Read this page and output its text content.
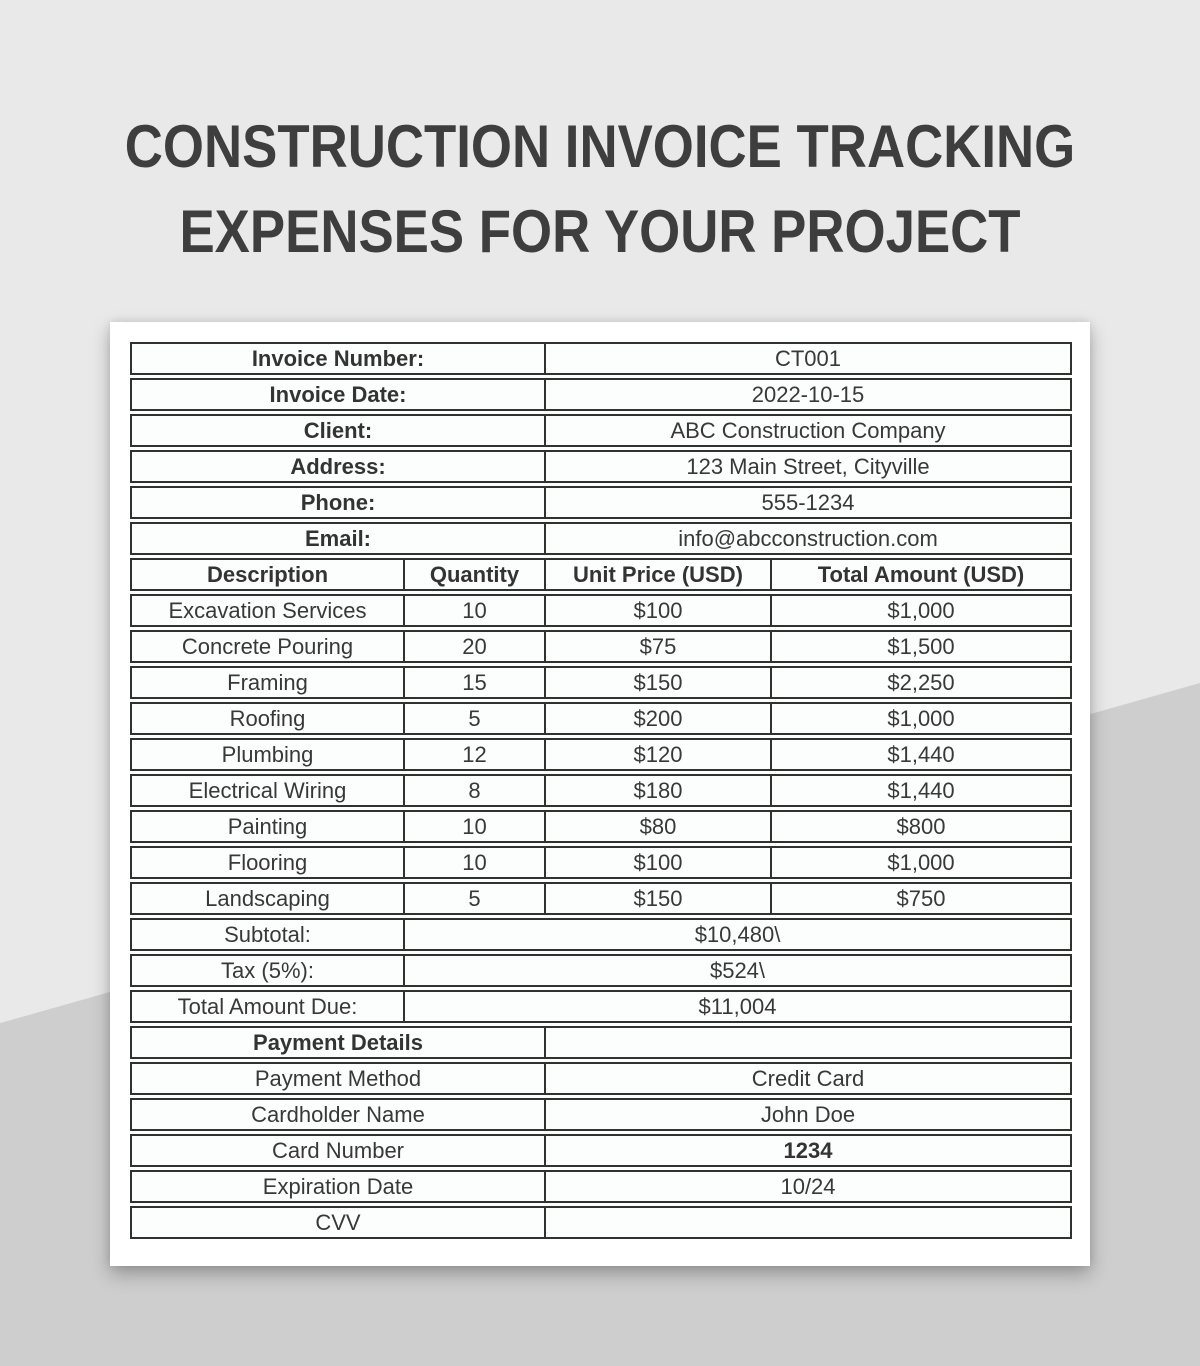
CONSTRUCTION INVOICE TRACKING
EXPENSES FOR YOUR PROJECT
Invoice Number:		CT001	
Invoice Date:		2022-10-15	
Client:		ABC Construction Company	
Address:		123 Main Street, Cityville	
Phone:		555-1234	
Email:		info@abcconstruction.com	
Description	Quantity	Unit Price (USD)	Total Amount (USD)
Excavation Services	10	$100	$1,000
Concrete Pouring	20	$75	$1,500
Framing	15	$150	$2,250
Roofing	5	$200	$1,000
Plumbing	12	$120	$1,440
Electrical Wiring	8	$180	$1,440
Painting	10	$80	$800
Flooring	10	$100	$1,000
Landscaping	5	$150	$750
Subtotal:	$10,480\		
Tax (5%):	$524\		
Total Amount Due:	$11,004		
Payment Details			
Payment Method		Credit Card	
Cardholder Name		John Doe	
Card Number		1234	
Expiration Date		10/24	
CVV			
